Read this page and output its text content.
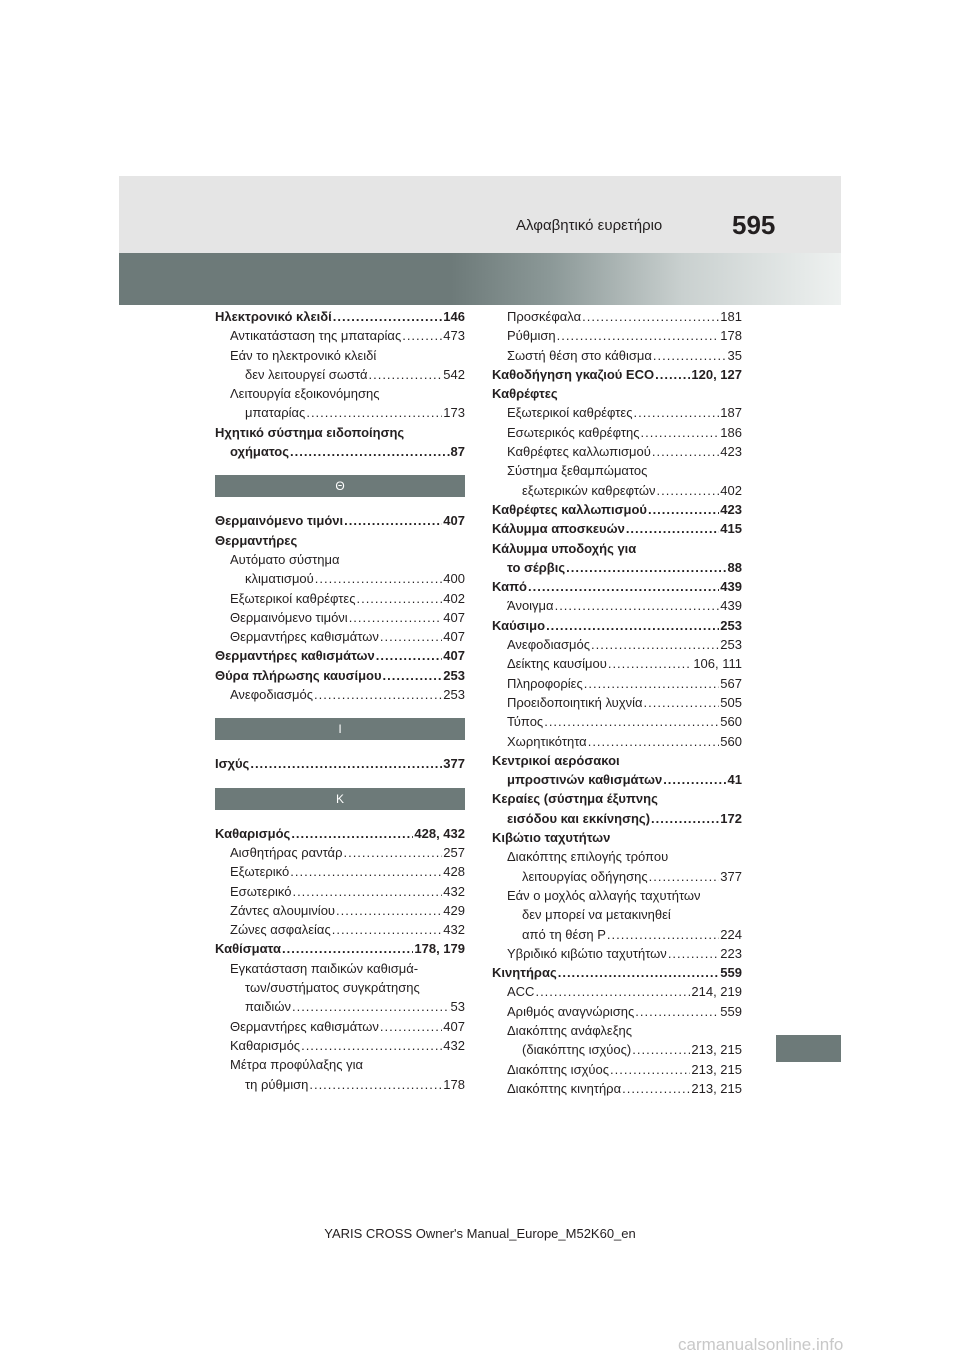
Αλφαβητικό ευρετήριο	595
Ηλεκτρονικό κλειδί .....	146
Αντικατάσταση της μπαταρίας .....	473
Εάν το ηλεκτρονικό κλειδί
δεν λειτουργεί σωστά .....	542
Λειτουργία εξοικονόμησης
μπαταρίας .....	173
Ηχητικό σύστημα ειδοποίησης
οχήματος .....	87
Θ
Θερμαινόμενο τιμόνι .....	407
Θερμαντήρες
Αυτόματο σύστημα
κλιματισμού .....	400
Εξωτερικοί καθρέφτες .....	402
Θερμαινόμενο τιμόνι .....	407
Θερμαντήρες καθισμάτων .....	407
Θερμαντήρες καθισμάτων .....	407
Θύρα πλήρωσης καυσίμου .....	253
Ανεφοδιασμός .....	253
Ι
Ισχύς .....	377
Κ
Καθαρισμός .....	428, 432
Αισθητήρας ραντάρ .....	257
Εξωτερικό .....	428
Εσωτερικό .....	432
Ζάντες αλουμινίου .....	429
Ζώνες ασφαλείας .....	432
Καθίσματα .....	178, 179
Εγκατάσταση παιδικών καθισμά-
των/συστήματος συγκράτησης
παιδιών .....	53
Θερμαντήρες καθισμάτων .....	407
Καθαρισμός .....	432
Μέτρα προφύλαξης για
τη ρύθμιση .....	178
Προσκέφαλα .....	181
Ρύθμιση .....	178
Σωστή θέση στο κάθισμα .....	35
Καθοδήγηση γκαζιού ECO .....	120, 127
Καθρέφτες
Εξωτερικοί καθρέφτες .....	187
Εσωτερικός καθρέφτης .....	186
Καθρέφτες καλλωπισμού .....	423
Σύστημα ξεθαμπώματος
εξωτερικών καθρεφτών .....	402
Καθρέφτες καλλωπισμού .....	423
Κάλυμμα αποσκευών .....	415
Κάλυμμα υποδοχής για
το σέρβις .....	88
Καπό .....	439
Άνοιγμα .....	439
Καύσιμο .....	253
Ανεφοδιασμός .....	253
Δείκτης καυσίμου .....	106, 111
Πληροφορίες .....	567
Προειδοποιητική λυχνία .....	505
Τύπος .....	560
Χωρητικότητα .....	560
Κεντρικοί αερόσακοι
μπροστινών καθισμάτων .....	41
Κεραίες (σύστημα έξυπνης
εισόδου και εκκίνησης) .....	172
Κιβώτιο ταχυτήτων
Διακόπτης επιλογής τρόπου
λειτουργίας οδήγησης .....	377
Εάν ο μοχλός αλλαγής ταχυτήτων
δεν μπορεί να μετακινηθεί
από τη θέση P .....	224
Υβριδικό κιβώτιο ταχυτήτων .....	223
Κινητήρας .....	559
ACC .....	214, 219
Αριθμός αναγνώρισης .....	559
Διακόπτης ανάφλεξης
(διακόπτης ισχύος) .....	213, 215
Διακόπτης ισχύος .....	213, 215
Διακόπτης κινητήρα .....	213, 215
YARIS CROSS Owner's Manual_Europe_M52K60_en
carmanualsonline.info
